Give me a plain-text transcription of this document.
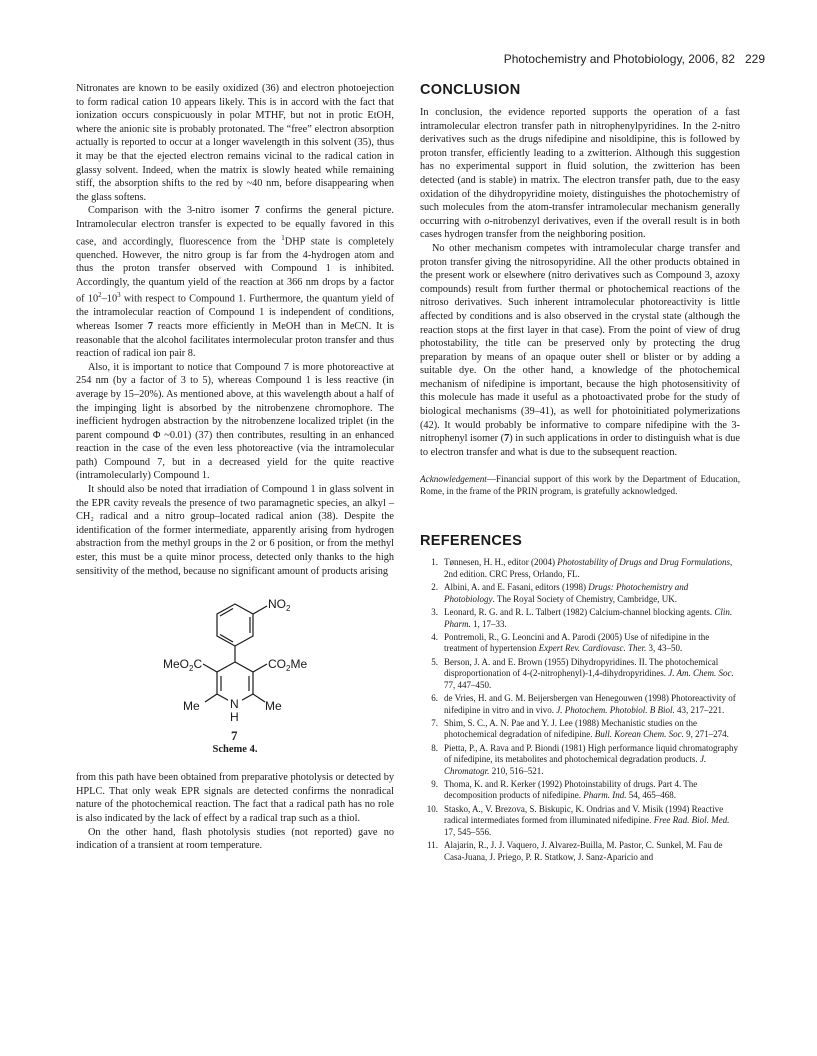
Photochemistry and Photobiology, 2006, 82 229

Nitronates are known to be easily oxidized (36) and electron photoejection to form radical cation 10 appears likely. This is in accord with the fact that ionization occurs conspicuously in polar MTHF, but not in protic EtOH, where the anionic site is probably protonated. The “free” electron absorption actually is reported to occur at a longer wavelength in this solvent (35), thus it may be that the ejected electron remains vicinal to the radical cation in glassy solvent. Indeed, when the matrix is slowly heated while remaining stiff, the absorption shifts to the red by ~40 nm, before disappearing when the glass softens.

Comparison with the 3-nitro isomer 7 confirms the general picture. Intramolecular electron transfer is expected to be equally favored in this case, and accordingly, fluorescence from the $^1$DHP state is completely quenched. However, the nitro group is far from the 4-hydrogen atom and thus the proton transfer observed with Compound 1 is inhibited. Accordingly, the quantum yield of the reaction at 366 nm drops by a factor of $10^2-10^3$ with respect to Compound 1. Furthermore, the quantum yield of the intramolecular reaction of Compound 1 is independent of conditions, whereas Isomer 7 reacts more efficiently in MeOH than in MeCN. It is reasonable that the alcohol facilitates intermolecular proton transfer and thus reaction of radical ion pair 8.

Also, it is important to notice that Compound 7 is more photoreactive at 254 nm (by a factor of 3 to 5), whereas Compound 1 is less reactive (in average by 15–20%). As mentioned above, at this wavelength about a half of the impinging light is absorbed by the nitrobenzene chromophore. The inefficient hydrogen abstraction by the nitrobenzene localized triplet (in the parent compound Φ ~0.01) (37) then contributes, resulting in an enhanced reaction in the case of the even less photoreactive (via the intramolecular path) Compound 7, but in a decreased yield for the quite reactive (intramolecularly) Compound 1.

It should also be noted that irradiation of Compound 1 in glass solvent in the EPR cavity reveals the presence of two paramagnetic species, an alkyl –CH₂ radical and a nitro group–located radical anion (38). Despite the identification of the former intermediate, apparently arising from hydrogen abstraction from the methyl groups in the 2 or 6 position, or from the methyl ester, this must be a quite minor process, detected only thanks to the high sensitivity of the method, because no significant amount of products arising

$NO_2$
MeO$_2$C	$CO_2Me$
Me	Me
N
H
7
Scheme 4.

from this path have been obtained from preparative photolysis or detected by HPLC. That only weak EPR signals are detected confirms the nonradical nature of the photochemical reaction. The fact that a radical path has no role is also indicated by the lack of effect by a radical trap such as a thiol.

On the other hand, flash photolysis studies (not reported) gave no indication of a transient at room temperature.

CONCLUSION

In conclusion, the evidence reported supports the operation of a fast intramolecular electron transfer path in nitrophenylpyridines. In the 2-nitro derivatives such as the drugs nifedipine and nisoldipine, this is followed by proton transfer, efficiently leading to a zwitterion. Although this suggestion has no experimental support in fluid solution, the zwitterion has been detected (and is stable) in matrix. The electron transfer path, due to the easy oxidation of the dihydropyridine moiety, distinguishes the photochemistry of such molecules from the atom-transfer intramolecular mechanism generally occurring with o-nitrobenzyl derivatives, even if the overall result is in both cases hydrogen transfer from the neighboring position.

No other mechanism competes with intramolecular charge transfer and proton transfer giving the nitrosopyridine. All the other products obtained in the present work or elsewhere (nitro derivatives such as Compound 3, azoxy compounds) result from further thermal or photochemical reactions of the nitroso derivatives. Such inherent intramolecular photoreactivity is little affected by conditions and is also observed in the crystal state (although the reaction stops at the first layer in that case). From the point of view of drug photostability, the title can be preserved only by protecting the drug preparation by means of an opaque outer shell or blister or by adding a suitable dye. On the other hand, a knowledge of the photochemical mechanism of nifedipine is important, because the high photosensitivity of this molecule has made it useful as a photoactivated probe for the study of biological mechanisms (39–41), as well for photoinitiated polymerizations (42). It would probably be informative to compare nifedipine with the 3-nitrophenyl isomer (7) in such applications in order to distinguish what is due to electron transfer and what is due to the subsequent reaction.

Acknowledgement—Financial support of this work by the Department of Education, Rome, in the frame of the PRIN program, is gratefully acknowledged.

REFERENCES
1. Tønnesen, H. H., editor (2004) Photostability of Drugs and Drug Formulations, 2nd edition. CRC Press, Orlando, FL.
2. Albini, A. and E. Fasani, editors (1998) Drugs: Photochemistry and Photobiology. The Royal Society of Chemistry, Cambridge, UK.
3. Leonard, R. G. and R. L. Talbert (1982) Calcium-channel blocking agents. Clin. Pharm. 1, 17–33.
4. Pontremoli, R., G. Leoncini and A. Parodi (2005) Use of nifedipine in the treatment of hypertension Expert Rev. Cardiovasc. Ther. 3, 43–50.
5. Berson, J. A. and E. Brown (1955) Dihydropyridines. II. The photochemical disproportionation of 4-(2-nitrophenyl)-1,4-dihydropyridines. J. Am. Chem. Soc. 77, 447–450.
6. de Vries, H. and G. M. Beijersbergen van Henegouwen (1998) Photoreactivity of nifedipine in vitro and in vivo. J. Photochem. Photobiol. B Biol. 43, 217–221.
7. Shim, S. C., A. N. Pae and Y. J. Lee (1988) Mechanistic studies on the photochemical degradation of nifedipine. Bull. Korean Chem. Soc. 9, 271–274.
8. Pietta, P., A. Rava and P. Biondi (1981) High performance liquid chromatography of nifedipine, its metabolites and photochemical degradation products. J. Chromatogr. 210, 516–521.
9. Thoma, K. and R. Kerker (1992) Photoinstability of drugs. Part 4. The decomposition products of nifedipine. Pharm. Ind. 54, 465–468.
10. Stasko, A., V. Brezova, S. Biskupic, K. Ondrias and V. Misik (1994) Reactive radical intermediates formed from illuminated nifedipine. Free Rad. Biol. Med. 17, 545–556.
11. Alajarin, R., J. J. Vaquero, J. Alvarez-Builla, M. Pastor, C. Sunkel, M. Fau de Casa-Juana, J. Priego, P. R. Statkow, J. Sanz-Aparicio and
